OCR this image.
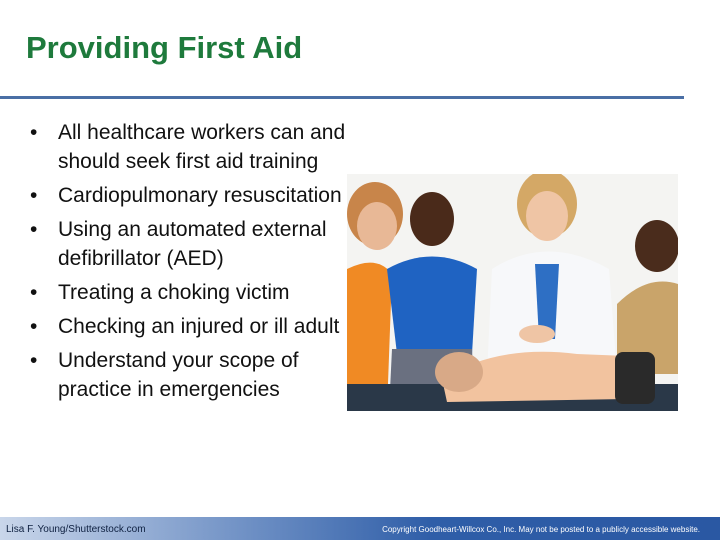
Providing First Aid
• All healthcare workers can and should seek first aid training
• Cardiopulmonary resuscitation
• Using an automated external defibrillator (AED)
• Treating a choking victim
• Checking an injured or ill adult
• Understand your scope of practice in emergencies
Lisa F. Young/Shutterstock.com	Copyright Goodheart-Willcox Co., Inc. May not be posted to a publicly accessible website.
